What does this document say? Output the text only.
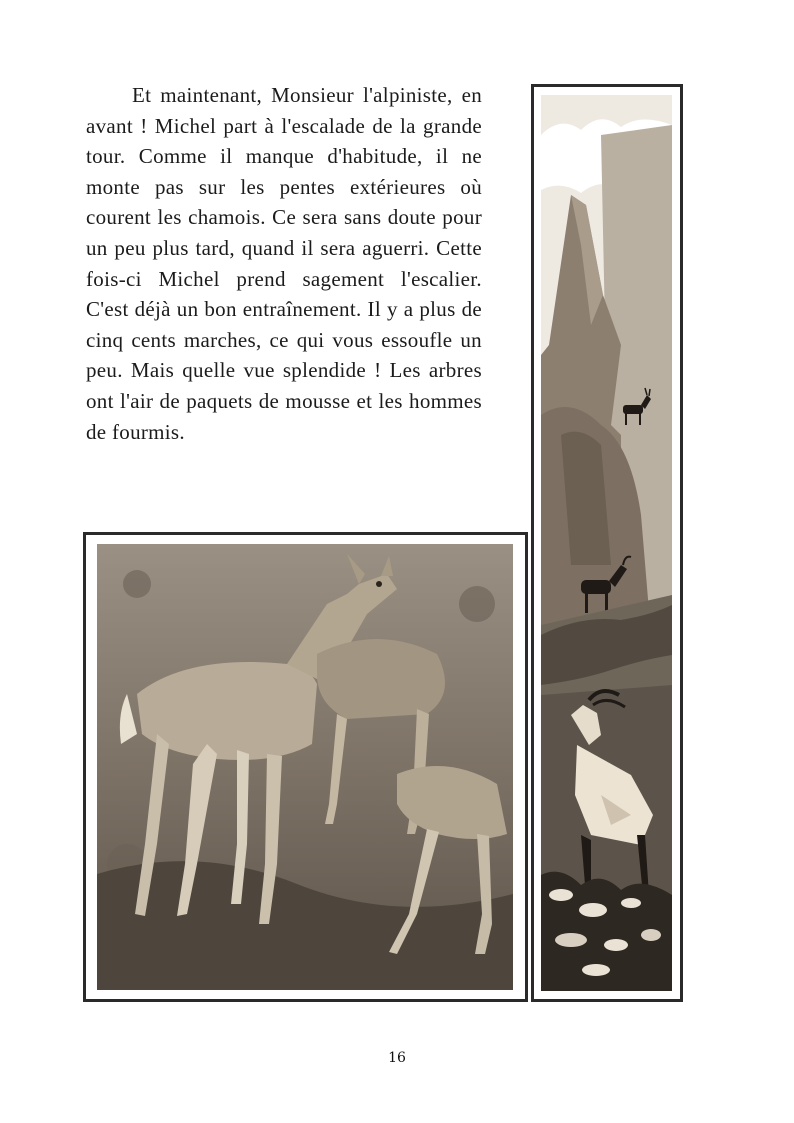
Et maintenant, Monsieur l'alpiniste, en avant ! Michel part à l'escalade de la grande tour. Comme il manque d'habitude, il ne monte pas sur les pentes extérieures où courent les chamois. Ce sera sans doute pour un peu plus tard, quand il sera aguerri. Cette fois-ci Michel prend sagement l'escalier. C'est déjà un bon entraînement. Il y a plus de cinq cents marches, ce qui vous essoufle un peu. Mais quelle vue splendide ! Les arbres ont l'air de paquets de mousse et les hommes de fourmis.

16
